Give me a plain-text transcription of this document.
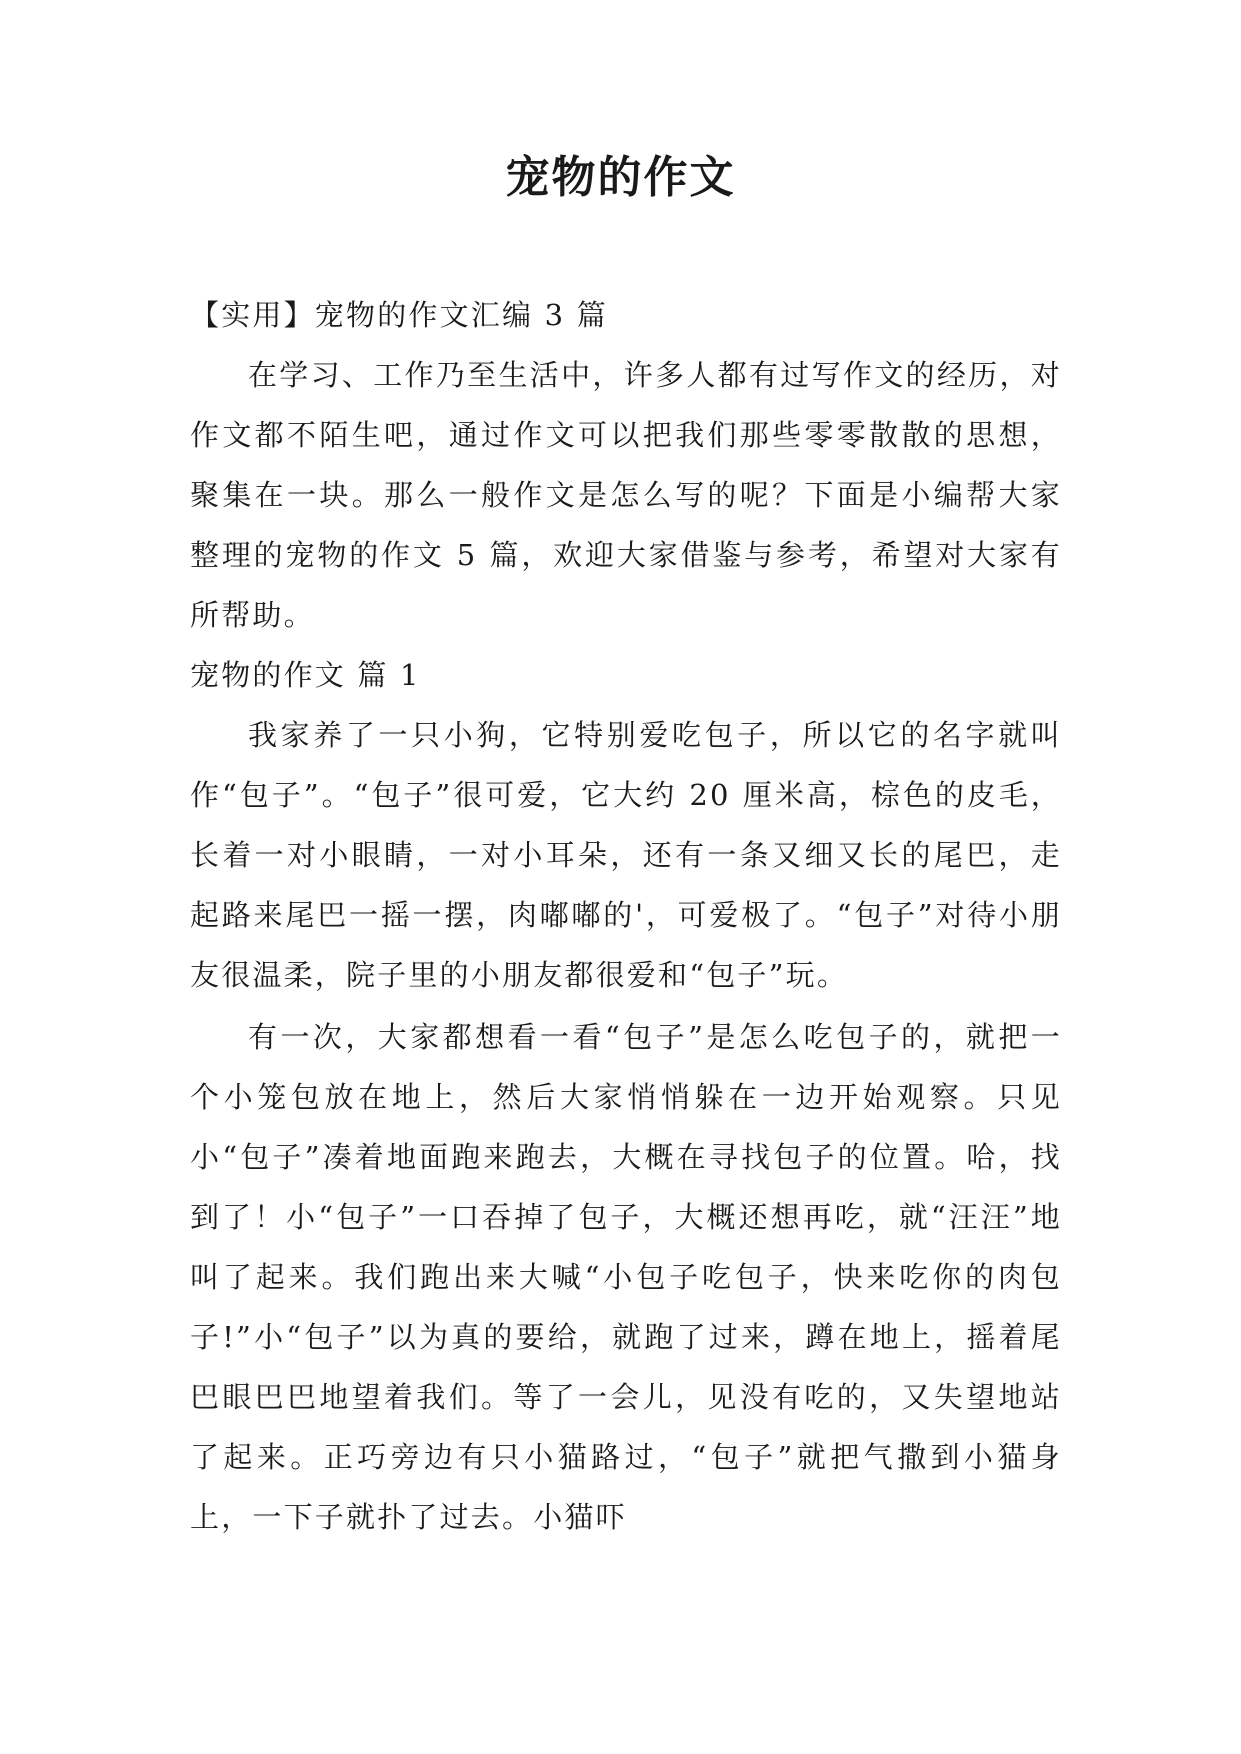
宠物的作文

【实用】宠物的作文汇编 3 篇

在学习、工作乃至生活中，许多人都有过写作文的经历，对作文都不陌生吧，通过作文可以把我们那些零零散散的思想，聚集在一块。那么一般作文是怎么写的呢？下面是小编帮大家整理的宠物的作文 5 篇，欢迎大家借鉴与参考，希望对大家有所帮助。

宠物的作文 篇 1

我家养了一只小狗，它特别爱吃包子，所以它的名字就叫作“包子”。“包子”很可爱，它大约 20 厘米高，棕色的皮毛，长着一对小眼睛，一对小耳朵，还有一条又细又长的尾巴，走起路来尾巴一摇一摆，肉嘟嘟的'，可爱极了。“包子”对待小朋友很温柔，院子里的小朋友都很爱和“包子”玩。

有一次，大家都想看一看“包子”是怎么吃包子的，就把一个小笼包放在地上，然后大家悄悄躲在一边开始观察。只见小“包子”凑着地面跑来跑去，大概在寻找包子的位置。哈，找到了！小“包子”一口吞掉了包子，大概还想再吃，就“汪汪”地叫了起来。我们跑出来大喊“小包子吃包子，快来吃你的肉包子!”小“包子”以为真的要给，就跑了过来，蹲在地上，摇着尾巴眼巴巴地望着我们。等了一会儿，见没有吃的，又失望地站了起来。正巧旁边有只小猫路过，“包子”就把气撒到小猫身上，一下子就扑了过去。小猫吓
